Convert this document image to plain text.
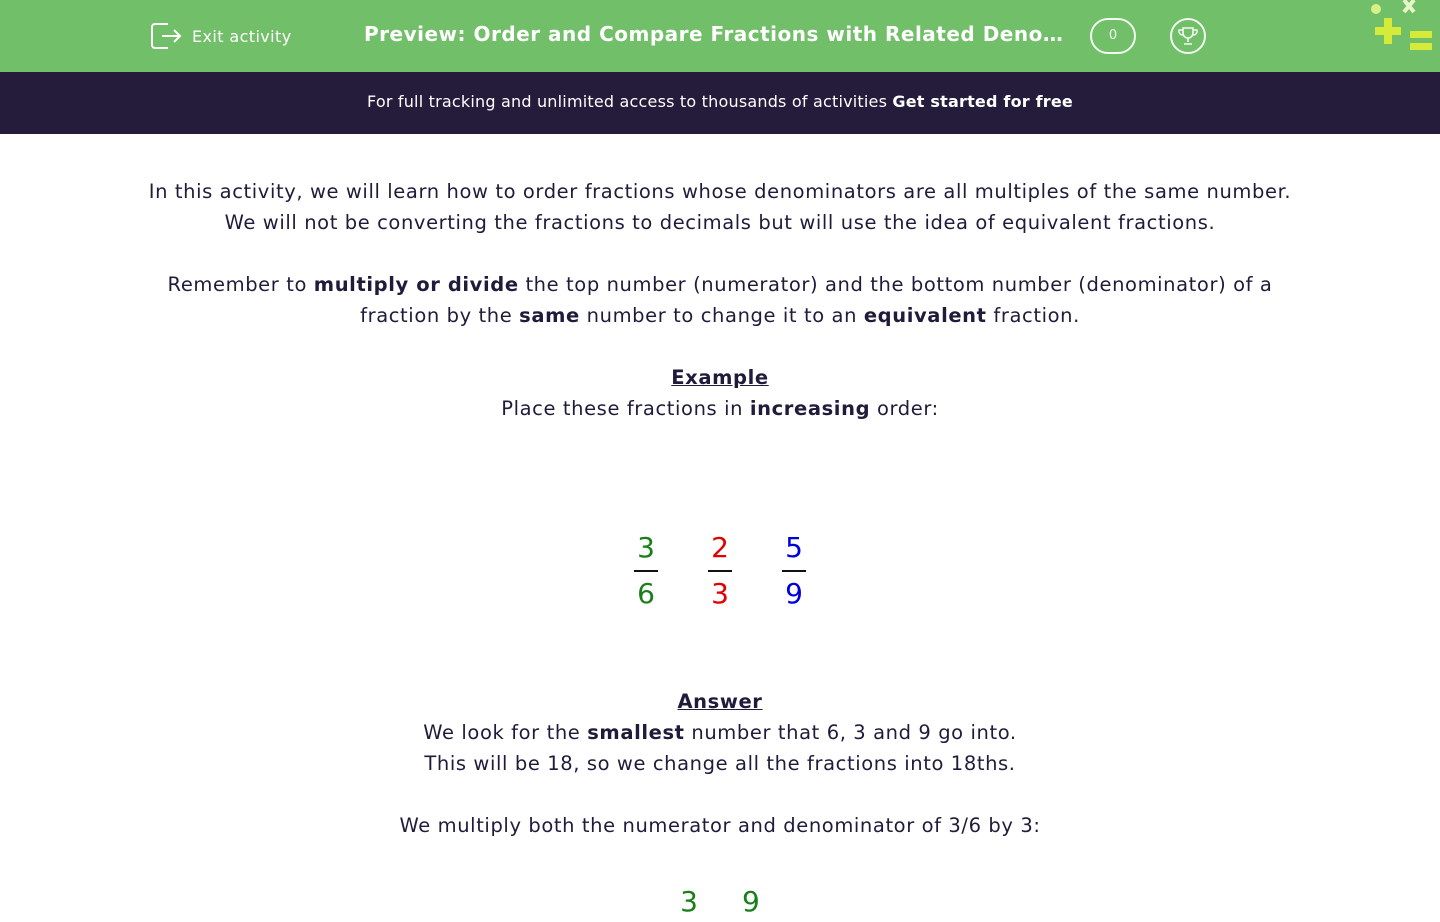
Exit activity	Preview: Order and Compare Fractions with Related Deno…	0
For full tracking and unlimited access to thousands of activities Get started for free

In this activity, we will learn how to order fractions whose denominators are all multiples of the same number.

We will not be converting the fractions to decimals but will use the idea of equivalent fractions.

Remember to multiply or divide the top number (numerator) and the bottom number (denominator) of a fraction by the same number to change it to an equivalent fraction.

Example

Place these fractions in increasing order:

$\frac{3}{6} \frac{2}{3} \frac{5}{9}$

Answer

We look for the smallest number that 6, 3 and 9 go into.

This will be 18, so we change all the fractions into 18ths.

We multiply both the numerator and denominator of 3/6 by 3:

3 9
